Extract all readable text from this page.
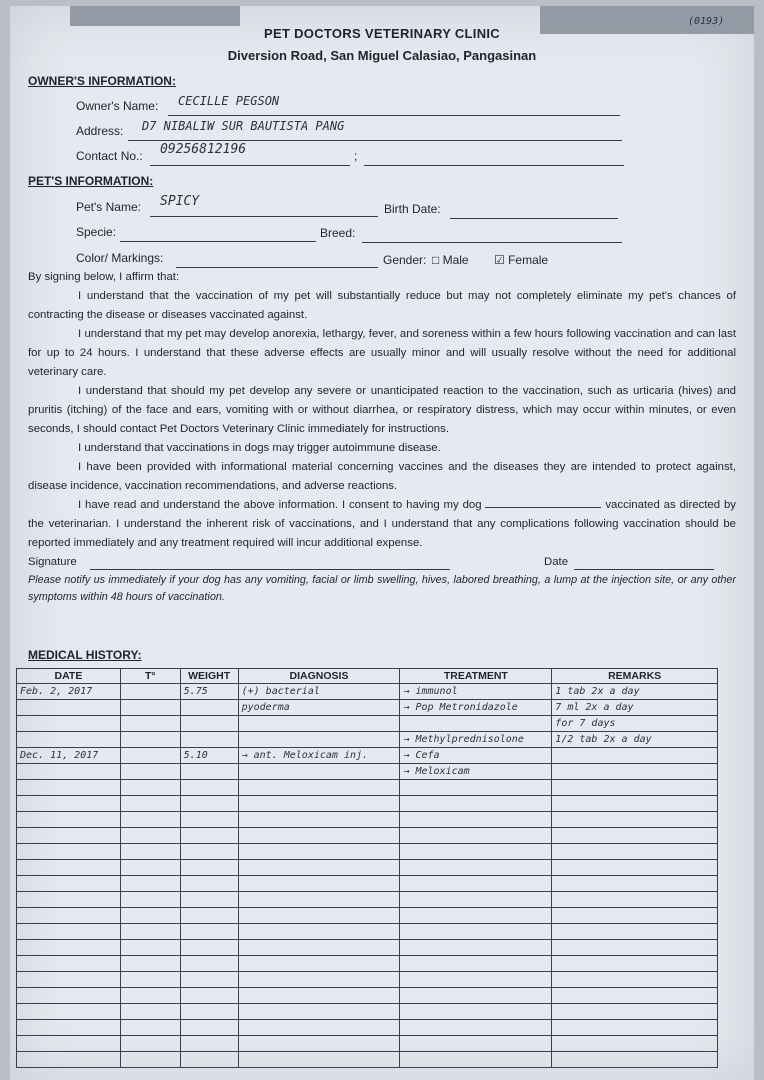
(0193)
PET DOCTORS VETERINARY CLINIC
Diversion Road, San Miguel Calasiao, Pangasinan
OWNER'S INFORMATION:
Owner's Name: CECILLE PEGSON
Address: D7 NIBALIW SUR BAUTISTA PANG
Contact No.: 09256812196	;
PET'S INFORMATION:
Pet's Name: SPICY	Birth Date:
Specie:	Breed:
Color/ Markings:	Gender: □ Male ☑ Female

By signing below, I affirm that:

I understand that the vaccination of my pet will substantially reduce but may not completely eliminate my pet's chances of contracting the disease or diseases vaccinated against.

I understand that my pet may develop anorexia, lethargy, fever, and soreness within a few hours following vaccination and can last for up to 24 hours. I understand that these adverse effects are usually minor and will usually resolve without the need for additional veterinary care.

I understand that should my pet develop any severe or unanticipated reaction to the vaccination, such as urticaria (hives) and pruritis (itching) of the face and ears, vomiting with or without diarrhea, or respiratory distress, which may occur within minutes, or even seconds, I should contact Pet Doctors Veterinary Clinic immediately for instructions.

I understand that vaccinations in dogs may trigger autoimmune disease.

I have been provided with informational material concerning vaccines and the diseases they are intended to protect against, disease incidence, vaccination recommendations, and adverse reactions.

I have read and understand the above information. I consent to having my dog	vaccinated as directed by the veterinarian. I understand the inherent risk of vaccinations, and I understand that any complications following vaccination should be reported immediately and any treatment required will incur additional expense.

Signature	Date

Please notify us immediately if your dog has any vomiting, facial or limb swelling, hives, labored breathing, a lump at the injection site, or any other symptoms within 48 hours of vaccination.

MEDICAL HISTORY:
DATE	T°	WEIGHT	DIAGNOSIS	TREATMENT	REMARKS
Feb. 2, 2017		5.75	(+) bacterial	→ immunol	1 tab 2x a day
			pyoderma	→ Pop Metronidazole	7 ml 2x a day
					for 7 days
				→ Methylprednisolone	1/2 tab 2x a day
Dec. 11, 2017		5.10	→ ant. Meloxicam inj.	→ Cefa	
				→ Meloxicam	
